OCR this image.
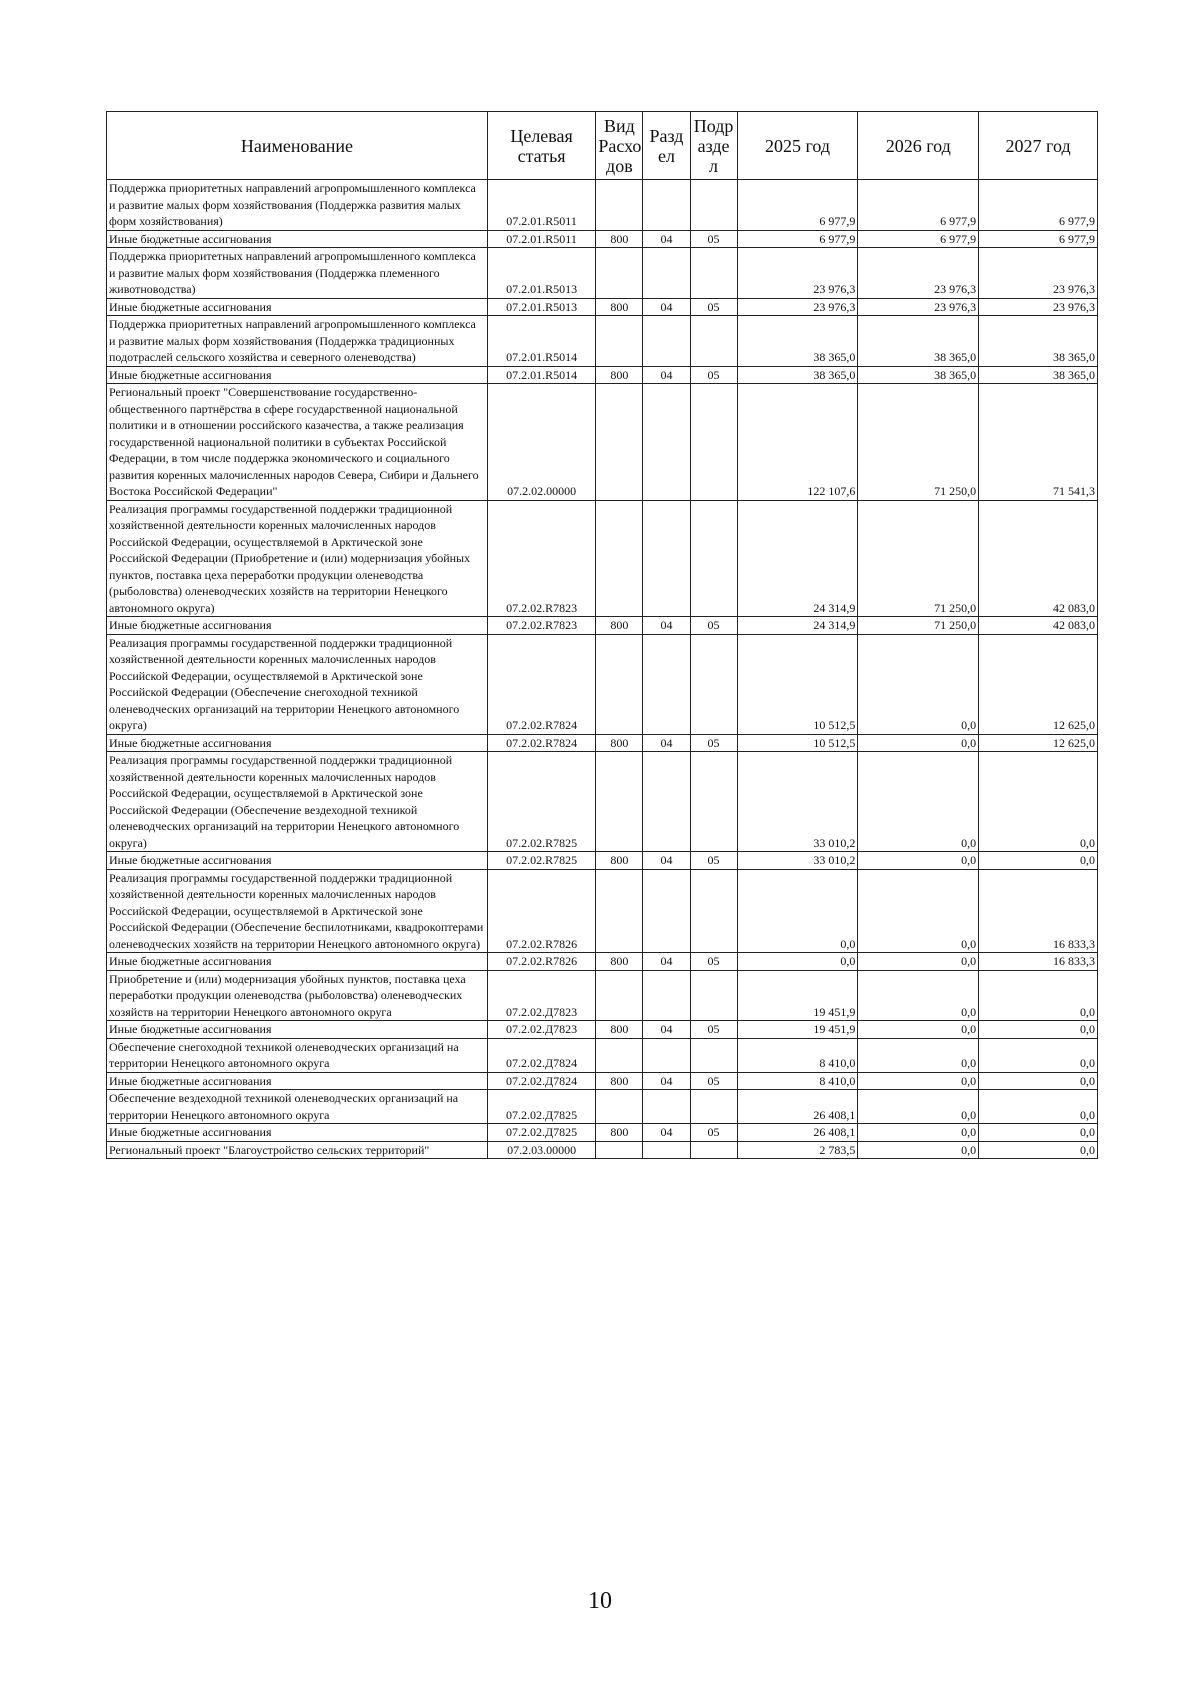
Наименование	Целевая статья	Вид Расхо дов	Разд ел	Подр азде л	2025 год	2026 год	2027 год
Поддержка приоритетных направлений агропромышленного комплекса и развитие малых форм хозяйствования (Поддержка развития малых форм хозяйствования)	07.2.01.R5011				6 977,9	6 977,9	6 977,9
Иные бюджетные ассигнования	07.2.01.R5011	800	04	05	6 977,9	6 977,9	6 977,9
Поддержка приоритетных направлений агропромышленного комплекса и развитие малых форм хозяйствования (Поддержка племенного животноводства)	07.2.01.R5013				23 976,3	23 976,3	23 976,3
Иные бюджетные ассигнования	07.2.01.R5013	800	04	05	23 976,3	23 976,3	23 976,3
Поддержка приоритетных направлений агропромышленного комплекса и развитие малых форм хозяйствования (Поддержка традиционных подотраслей сельского хозяйства и северного оленеводства)	07.2.01.R5014				38 365,0	38 365,0	38 365,0
Иные бюджетные ассигнования	07.2.01.R5014	800	04	05	38 365,0	38 365,0	38 365,0
Региональный проект "Совершенствование государственно-общественного партнёрства в сфере государственной национальной политики и в отношении российского казачества, а также реализация государственной национальной политики в субъектах Российской Федерации, в том числе поддержка экономического и социального развития коренных малочисленных народов Севера, Сибири и Дальнего Востока Российской Федерации"	07.2.02.00000				122 107,6	71 250,0	71 541,3
Реализация программы государственной поддержки традиционной хозяйственной деятельности коренных малочисленных народов Российской Федерации, осуществляемой в Арктической зоне Российской Федерации (Приобретение и (или) модернизация убойных пунктов, поставка цеха переработки продукции оленеводства (рыболовства) оленеводческих хозяйств на территории Ненецкого автономного округа)	07.2.02.R7823				24 314,9	71 250,0	42 083,0
Иные бюджетные ассигнования	07.2.02.R7823	800	04	05	24 314,9	71 250,0	42 083,0
Реализация программы государственной поддержки традиционной хозяйственной деятельности коренных малочисленных народов Российской Федерации, осуществляемой в Арктической зоне Российской Федерации (Обеспечение снегоходной техникой оленеводческих организаций на территории Ненецкого автономного округа)	07.2.02.R7824				10 512,5	0,0	12 625,0
Иные бюджетные ассигнования	07.2.02.R7824	800	04	05	10 512,5	0,0	12 625,0
Реализация программы государственной поддержки традиционной хозяйственной деятельности коренных малочисленных народов Российской Федерации, осуществляемой в Арктической зоне Российской Федерации (Обеспечение вездеходной техникой оленеводческих организаций на территории Ненецкого автономного округа)	07.2.02.R7825				33 010,2	0,0	0,0
Иные бюджетные ассигнования	07.2.02.R7825	800	04	05	33 010,2	0,0	0,0
Реализация программы государственной поддержки традиционной хозяйственной деятельности коренных малочисленных народов Российской Федерации, осуществляемой в Арктической зоне Российской Федерации (Обеспечение беспилотниками, квадрокоптерами оленеводческих хозяйств на территории Ненецкого автономного округа)	07.2.02.R7826				0,0	0,0	16 833,3
Иные бюджетные ассигнования	07.2.02.R7826	800	04	05	0,0	0,0	16 833,3
Приобретение и (или) модернизация убойных пунктов, поставка цеха переработки продукции оленеводства (рыболовства) оленеводческих хозяйств на территории Ненецкого автономного округа	07.2.02.Д7823				19 451,9	0,0	0,0
Иные бюджетные ассигнования	07.2.02.Д7823	800	04	05	19 451,9	0,0	0,0
Обеспечение снегоходной техникой оленеводческих организаций на территории Ненецкого автономного округа	07.2.02.Д7824				8 410,0	0,0	0,0
Иные бюджетные ассигнования	07.2.02.Д7824	800	04	05	8 410,0	0,0	0,0
Обеспечение вездеходной техникой оленеводческих организаций на территории Ненецкого автономного округа	07.2.02.Д7825				26 408,1	0,0	0,0
Иные бюджетные ассигнования	07.2.02.Д7825	800	04	05	26 408,1	0,0	0,0
Региональный проект "Благоустройство сельских территорий"	07.2.03.00000				2 783,5	0,0	0,0
10
